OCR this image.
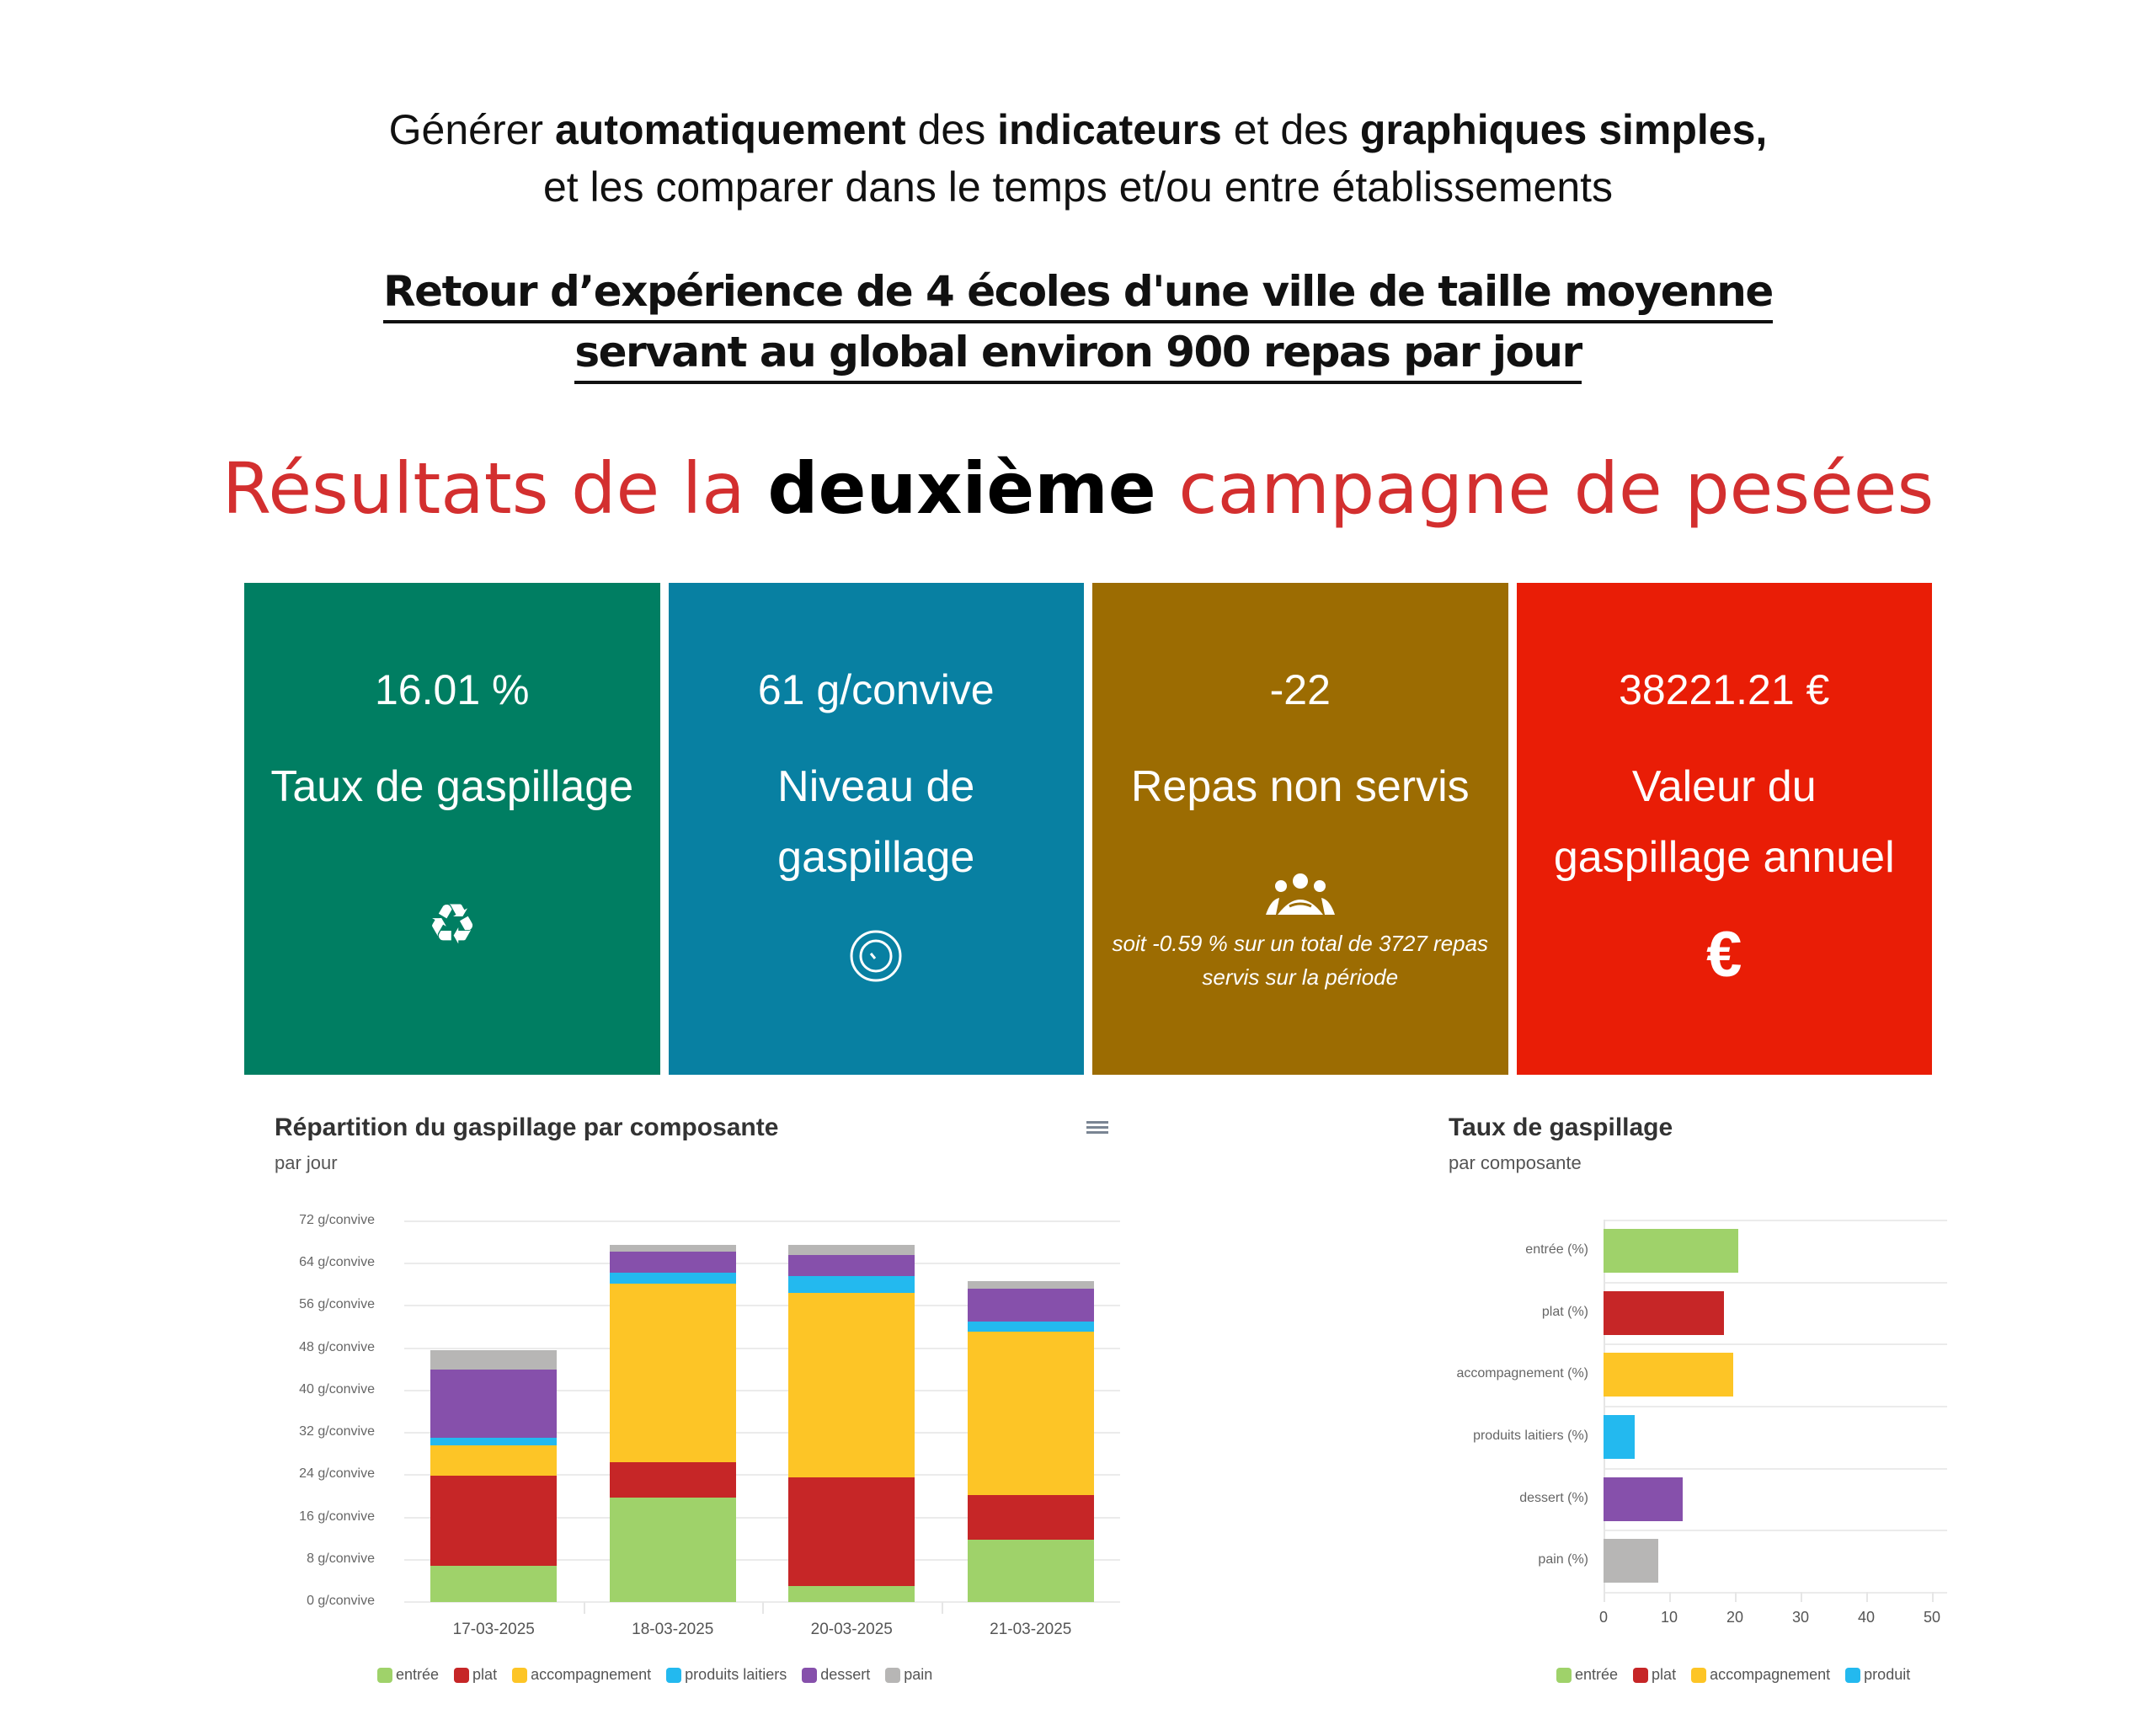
Générer automatiquement des indicateurs et des graphiques simples,
et les comparer dans le temps et/ou entre établissements
Retour d’expérience de 4 écoles d'une ville de taille moyenne
servant au global environ 900 repas par jour
Résultats de la deuxième campagne de pesées
16.01 %
Taux de gaspillage
♻
61 g/convive
Niveau de gaspillage
-22
Repas non servis
soit -0.59 % sur un total de 3727 repas servis sur la période
38221.21 €
Valeur du gaspillage annuel
€
Répartition du gaspillage par composante
par jour
0 g/convive
8 g/convive
16 g/convive
24 g/convive
32 g/convive
40 g/convive
48 g/convive
56 g/convive
64 g/convive
72 g/convive
17-03-2025	18-03-2025	20-03-2025	21-03-2025
entrée plat accompagnement produits laitiers dessert pain
Taux de gaspillage
par composante
entrée (%)
plat (%)
accompagnement (%)
produits laitiers (%)
dessert (%)
pain (%)
0	10	20	30	40	50
entrée plat accompagnement produit
